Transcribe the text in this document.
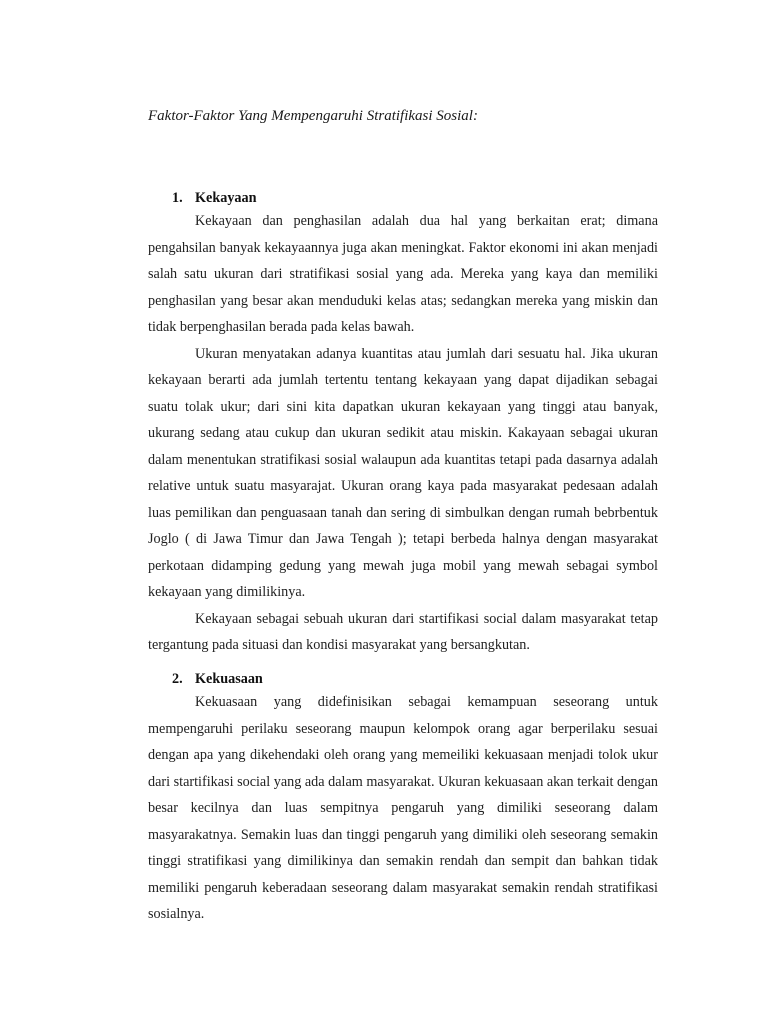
Faktor-Faktor Yang Mempengaruhi Stratifikasi Sosial:
1. Kekayaan

Kekayaan dan penghasilan adalah dua hal yang berkaitan erat; dimana pengahsilan banyak kekayaannya juga akan meningkat. Faktor ekonomi ini akan menjadi salah satu ukuran dari stratifikasi sosial yang ada. Mereka yang kaya dan memiliki penghasilan yang besar akan menduduki kelas atas; sedangkan mereka yang miskin dan tidak berpenghasilan berada pada kelas bawah.

Ukuran menyatakan adanya kuantitas atau jumlah dari sesuatu hal. Jika ukuran kekayaan berarti ada jumlah tertentu tentang kekayaan yang dapat dijadikan sebagai suatu tolak ukur; dari sini kita dapatkan ukuran kekayaan yang tinggi atau banyak, ukurang sedang atau cukup dan ukuran sedikit atau miskin. Kakayaan sebagai ukuran dalam menentukan stratifikasi sosial walaupun ada kuantitas tetapi pada dasarnya adalah relative untuk suatu masyarajat. Ukuran orang kaya pada masyarakat pedesaan adalah luas pemilikan dan penguasaan tanah dan sering di simbulkan dengan rumah bebrbentuk Joglo ( di Jawa Timur dan Jawa Tengah ); tetapi berbeda halnya dengan masyarakat perkotaan didamping gedung yang mewah juga mobil yang mewah sebagai symbol kekayaan yang dimilikinya.

Kekayaan sebagai sebuah ukuran dari startifikasi social dalam masyarakat tetap tergantung pada situasi dan kondisi masyarakat yang bersangkutan.

2. Kekuasaan

Kekuasaan yang didefinisikan sebagai kemampuan seseorang untuk mempengaruhi perilaku seseorang maupun kelompok orang agar berperilaku sesuai dengan apa yang dikehendaki oleh orang yang memeiliki kekuasaan menjadi tolok ukur dari startifikasi social yang ada dalam masyarakat. Ukuran kekuasaan akan terkait dengan besar kecilnya dan luas sempitnya pengaruh yang dimiliki seseorang dalam masyarakatnya. Semakin luas dan tinggi pengaruh yang dimiliki oleh seseorang semakin tinggi stratifikasi yang dimilikinya dan semakin rendah dan sempit dan bahkan tidak memiliki pengaruh keberadaan seseorang dalam masyarakat semakin rendah stratifikasi sosialnya.
